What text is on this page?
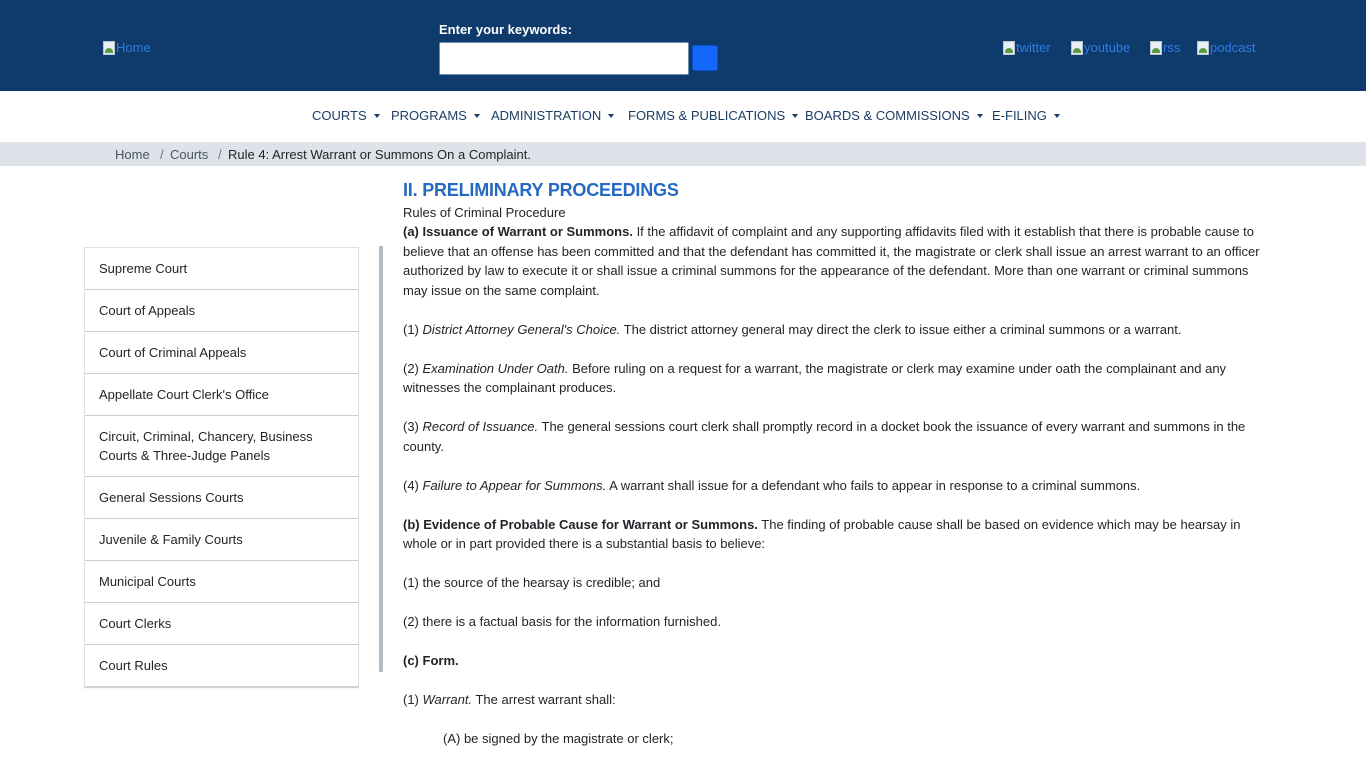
Home
Enter your keywords:
twitter	youtube	rss podcast
COURTS PROGRAMS ADMINISTRATION FORMS & PUBLICATIONS BOARDS & COMMISSIONS E-FILING
Home / Courts / Rule 4: Arrest Warrant or Summons On a Complaint.
Supreme Court
Court of Appeals
Court of Criminal Appeals
Appellate Court Clerk's Office
Circuit, Criminal, Chancery, Business Courts & Three-Judge Panels
General Sessions Courts
Juvenile & Family Courts
Municipal Courts
Court Clerks
Court Rules
II. PRELIMINARY PROCEEDINGS
Rules of Criminal Procedure

(a) Issuance of Warrant or Summons. If the affidavit of complaint and any supporting affidavits filed with it establish that there is probable cause to believe that an offense has been committed and that the defendant has committed it, the magistrate or clerk shall issue an arrest warrant to an officer authorized by law to execute it or shall issue a criminal summons for the appearance of the defendant. More than one warrant or criminal summons may issue on the same complaint.

(1) District Attorney General's Choice. The district attorney general may direct the clerk to issue either a criminal summons or a warrant.

(2) Examination Under Oath. Before ruling on a request for a warrant, the magistrate or clerk may examine under oath the complainant and any witnesses the complainant produces.

(3) Record of Issuance. The general sessions court clerk shall promptly record in a docket book the issuance of every warrant and summons in the county.

(4) Failure to Appear for Summons. A warrant shall issue for a defendant who fails to appear in response to a criminal summons.

(b) Evidence of Probable Cause for Warrant or Summons. The finding of probable cause shall be based on evidence which may be hearsay in whole or in part provided there is a substantial basis to believe:

(1) the source of the hearsay is credible; and

(2) there is a factual basis for the information furnished.

(c) Form.

(1) Warrant. The arrest warrant shall:

(A) be signed by the magistrate or clerk;
